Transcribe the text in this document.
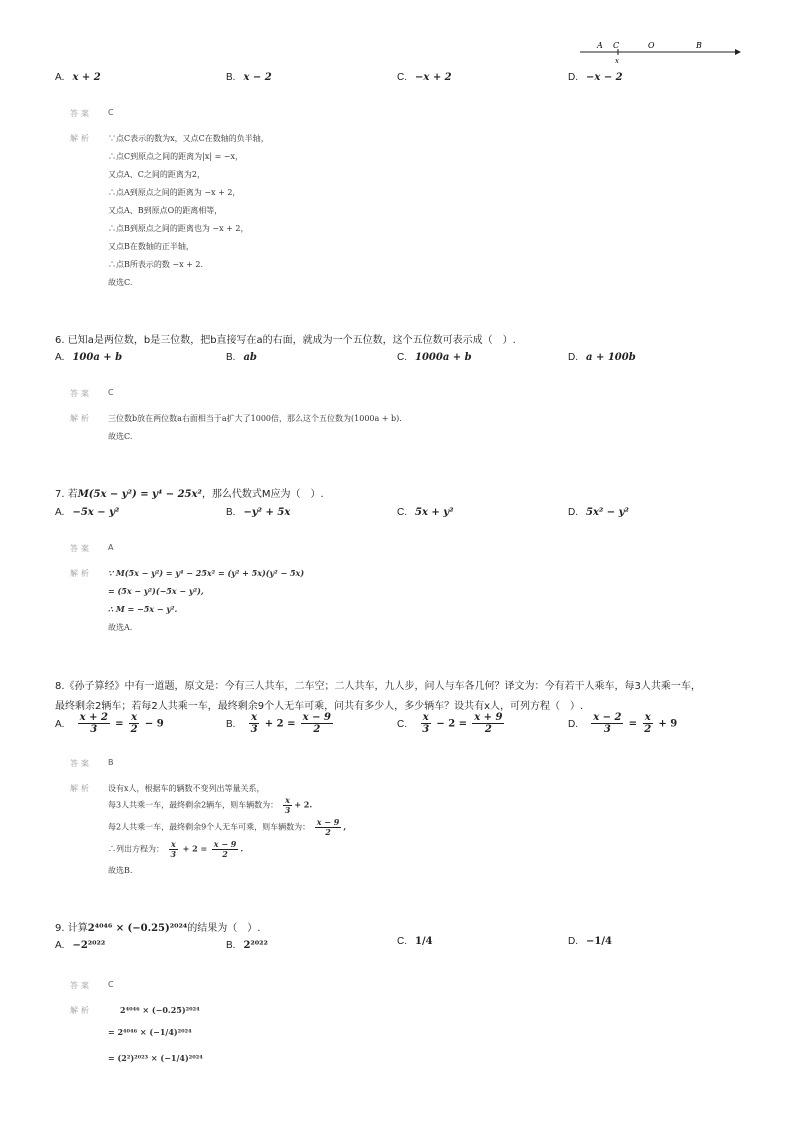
A C	O	B
x
A. x + 2	B. x − 2	C. −x + 2	D. −x − 2
答案 C
解析 ∵点C表示的数为x，又点C在数轴的负半轴，
∴点C到原点之间的距离为|x| = −x，
又点A、C之间的距离为2，
∴点A到原点之间的距离为 −x + 2，
又点A、B到原点O的距离相等，
∴点B到原点之间的距离也为 −x + 2，
又点B在数轴的正半轴，
∴点B所表示的数 −x + 2.
故选C.
6. 已知a是两位数，b是三位数，把b直接写在a的右面，就成为一个五位数，这个五位数可表示成（　）.
A. 100a + b	B. ab	C. 1000a + b	D. a + 100b
答案 C
解析 三位数b放在两位数a右面相当于a扩大了1000倍，那么这个五位数为(1000a + b).
故选C.
7. 若M(5x − y²) = y⁴ − 25x²，那么代数式M应为（　）.
A. −5x − y²	B. −y² + 5x	C. 5x + y²	D. 5x² − y²
答案 A
解析 ∵ M(5x − y²) = y⁴ − 25x² = (y² + 5x)(y² − 5x)
= (5x − y²)(−5x − y²),
∴ M = −5x − y².
故选A.
8.《孙子算经》中有一道题，原文是：今有三人共车，二车空；二人共车，九人步，问人与车各几何？译文为：今有若干人乘车，每3人共乘一车，
最终剩余2辆车；若每2人共乘一车，最终剩余9个人无车可乘，问共有多少人，多少辆车？设共有x人，可列方程（　）.
A. $\frac{x + 2}{3} = \frac{x}{2} - 9$	B. $\frac{x}{3} + 2 = \frac{x - 9}{2}$	C. $\frac{x}{3} - 2 = \frac{x + 9}{2}$	D. $\frac{x - 2}{3} = \frac{x}{2} + 9$
答案 B
解析 设有x人，根据车的辆数不变列出等量关系，
每3人共乘一车，最终剩余2辆车，则车辆数为： $\frac{x}{3} + 2$.
每2人共乘一车，最终剩余9个人无车可乘，则车辆数为： $\frac{x - 9}{2}$ ,
∴列出方程为： $\frac{x}{3} + 2 = \frac{x - 9}{2}$ .
故选B.
9. 计算2⁴⁰⁴⁶ × (−0.25)²⁰²⁴的结果为（　）.
A. −2²⁰²²	B. 2²⁰²²	C. 1/4	D. −1/4
答案 C
解析	2⁴⁰⁴⁶ × (−0.25)²⁰²⁴
= 2⁴⁰⁴⁶ × (−1/4)²⁰²⁴
= (2²)²⁰²³ × (−1/4)²⁰²⁴
